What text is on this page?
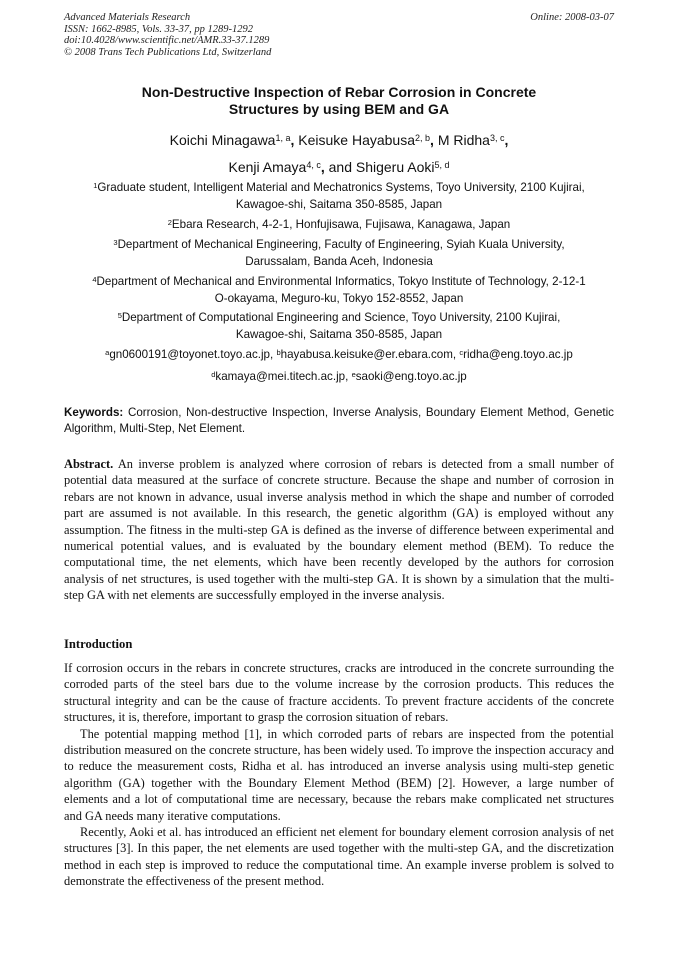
Advanced Materials Research
ISSN: 1662-8985, Vols. 33-37, pp 1289-1292
doi:10.4028/www.scientific.net/AMR.33-37.1289
© 2008 Trans Tech Publications Ltd, Switzerland
Online: 2008-03-07
Non-Destructive Inspection of Rebar Corrosion in Concrete
Structures by using BEM and GA
Koichi Minagawa$^{1, a}$, Keisuke Hayabusa$^{2, b}$, M Ridha$^{3, c}$,
Kenji Amaya$^{4, c}$, and Shigeru Aoki$^{5, d}$
$^1$Graduate student, Intelligent Material and Mechatronics Systems, Toyo University, 2100 Kujirai,
Kawagoe-shi, Saitama 350-8585, Japan
$^2$Ebara Research, 4-2-1, Honfujisawa, Fujisawa, Kanagawa, Japan
$^3$Department of Mechanical Engineering, Faculty of Engineering, Syiah Kuala University,
Darussalam, Banda Aceh, Indonesia
$^4$Department of Mechanical and Environmental Informatics, Tokyo Institute of Technology, 2-12-1
O-okayama, Meguro-ku, Tokyo 152-8552, Japan
$^5$Department of Computational Engineering and Science, Toyo University, 2100 Kujirai,
Kawagoe-shi, Saitama 350-8585, Japan
$^a$gn0600191@toyonet.toyo.ac.jp, $^b$hayabusa.keisuke@er.ebara.com, $^c$ridha@eng.toyo.ac.jp
$^d$kamaya@mei.titech.ac.jp, $^e$saoki@eng.toyo.ac.jp
Keywords: Corrosion, Non-destructive Inspection, Inverse Analysis, Boundary Element Method, Genetic Algorithm, Multi-Step, Net Element.

Abstract. An inverse problem is analyzed where corrosion of rebars is detected from a small number of potential data measured at the surface of concrete structure. Because the shape and number of corrosion in rebars are not known in advance, usual inverse analysis method in which the shape and number of corroded part are assumed is not available. In this research, the genetic algorithm (GA) is employed without any assumption. The fitness in the multi-step GA is defined as the inverse of difference between experimental and numerical potential values, and is evaluated by the boundary element method (BEM). To reduce the computational time, the net elements, which have been recently developed by the authors for corrosion analysis of net structures, is used together with the multi-step GA. It is shown by a simulation that the multi-step GA with net elements are successfully employed in the inverse analysis.

Introduction

If corrosion occurs in the rebars in concrete structures, cracks are introduced in the concrete surrounding the corroded parts of the steel bars due to the volume increase by the corrosion products. This reduces the structural integrity and can be the cause of fracture accidents. To prevent fracture accidents of the concrete structures, it is, therefore, important to grasp the corrosion situation of rebars.

The potential mapping method [1], in which corroded parts of rebars are inspected from the potential distribution measured on the concrete structure, has been widely used. To improve the inspection accuracy and to reduce the measurement costs, Ridha et al. has introduced an inverse analysis using multi-step genetic algorithm (GA) together with the Boundary Element Method (BEM) [2]. However, a large number of elements and a lot of computational time are necessary, because the rebars make complicated net structures and GA needs many iterative computations.

Recently, Aoki et al. has introduced an efficient net element for boundary element corrosion analysis of net structures [3]. In this paper, the net elements are used together with the multi-step GA, and the discretization method in each step is improved to reduce the computational time. An example inverse problem is solved to demonstrate the effectiveness of the present method.
